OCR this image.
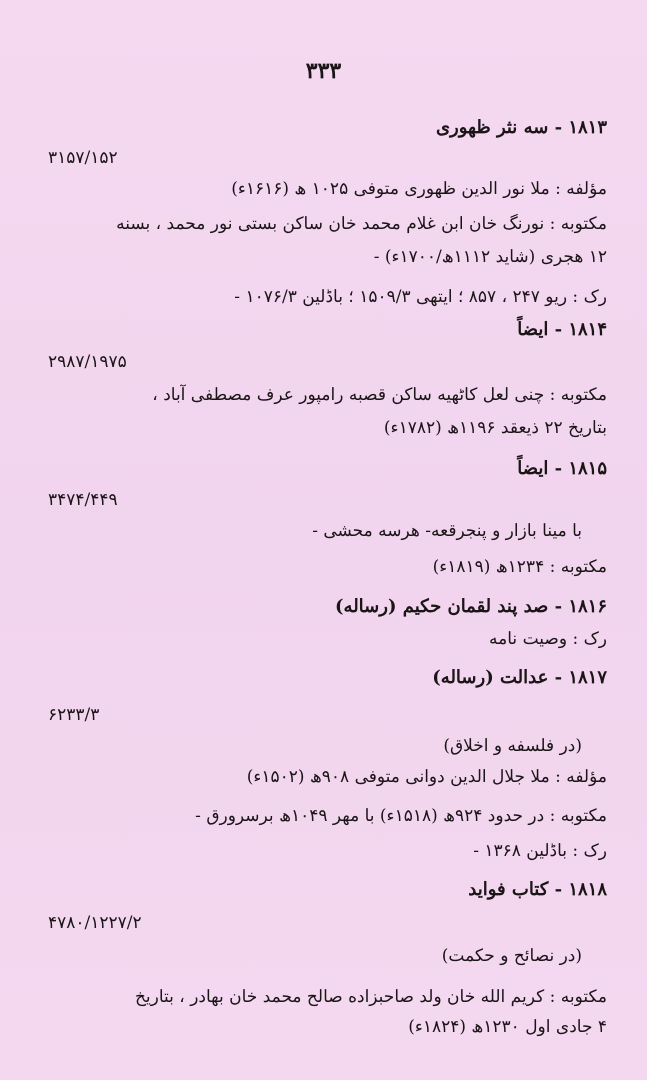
۳۳۳
۱۸۱۳ - سه نثر ظهوری
۳۱۵۷/۱۵۲
مؤلفه : ملا نور الدین ظهوری متوفی ۱۰۲۵ ھ (۱۶۱۶ء)
مکتوبه : نورنگ خان ابن غلام محمد خان ساکن بستی نور محمد ، بسنه
۱۲ هجری (شاید ۱۱۱۲ھ/۱۷۰۰ء) -
رک : ریو ۲۴۷ ، ۸۵۷ ؛ ایتھی ۱۵۰۹/۳ ؛ باڈلین ۱۰۷۶/۳ -
۱۸۱۴ - ایضاً
۲۹۸۷/۱۹۷۵
مکتوبه : چنی لعل کاٹھیه ساکن قصبه رامپور عرف مصطفی آباد ،
بتاریخ ۲۲ ذیعقد ۱۱۹۶ھ (۱۷۸۲ء)
۱۸۱۵ - ایضاً
۳۴۷۴/۴۴۹
با مینا بازار و پنجرقعه- هرسه محشی -
مکتوبه : ۱۲۳۴ھ (۱۸۱۹ء)
۱۸۱۶ - صد پند لقمان حکیم (رساله)
رک : وصیت نامه
۱۸۱۷ - عدالت (رساله)
۶۲۳۳/۳
(در فلسفه و اخلاق)
مؤلفه : ملا جلال الدین دوانی متوفی ۹۰۸ھ (۱۵۰۲ء)
مکتوبه : در حدود ۹۲۴ھ (۱۵۱۸ء) با مهر ۱۰۴۹ھ برسرورق -
رک : باڈلین ۱۳۶۸ -
۱۸۱۸ - کتاب فواید
۴۷۸۰/۱۲۲۷/۲
(در نصائح و حکمت)
مکتوبه : کریم الله خان ولد صاحبزاده صالح محمد خان بهادر ، بتاریخ
۴ جادی اول ۱۲۳۰ھ (۱۸۲۴ء)
